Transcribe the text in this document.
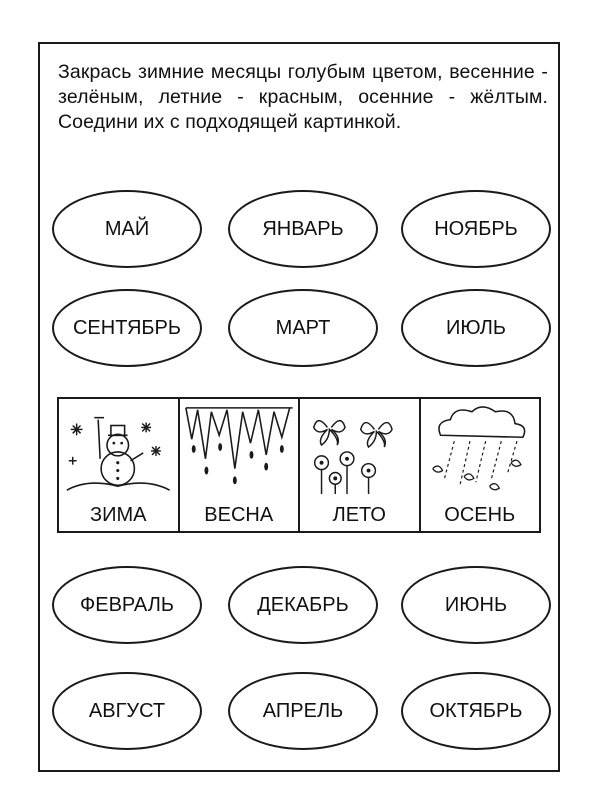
Закрась зимние месяцы голубым цветом, весенние - зелёным, летние - красным, осенние - жёлтым. Соедини их с подходящей картинкой.
МАЙ	ЯНВАРЬ	НОЯБРЬ
СЕНТЯБРЬ	МАРТ	ИЮЛЬ
ЗИМА	ВЕСНА	ЛЕТО	ОСЕНЬ
ФЕВРАЛЬ	ДЕКАБРЬ	ИЮНЬ
АВГУСТ	АПРЕЛЬ	ОКТЯБРЬ
